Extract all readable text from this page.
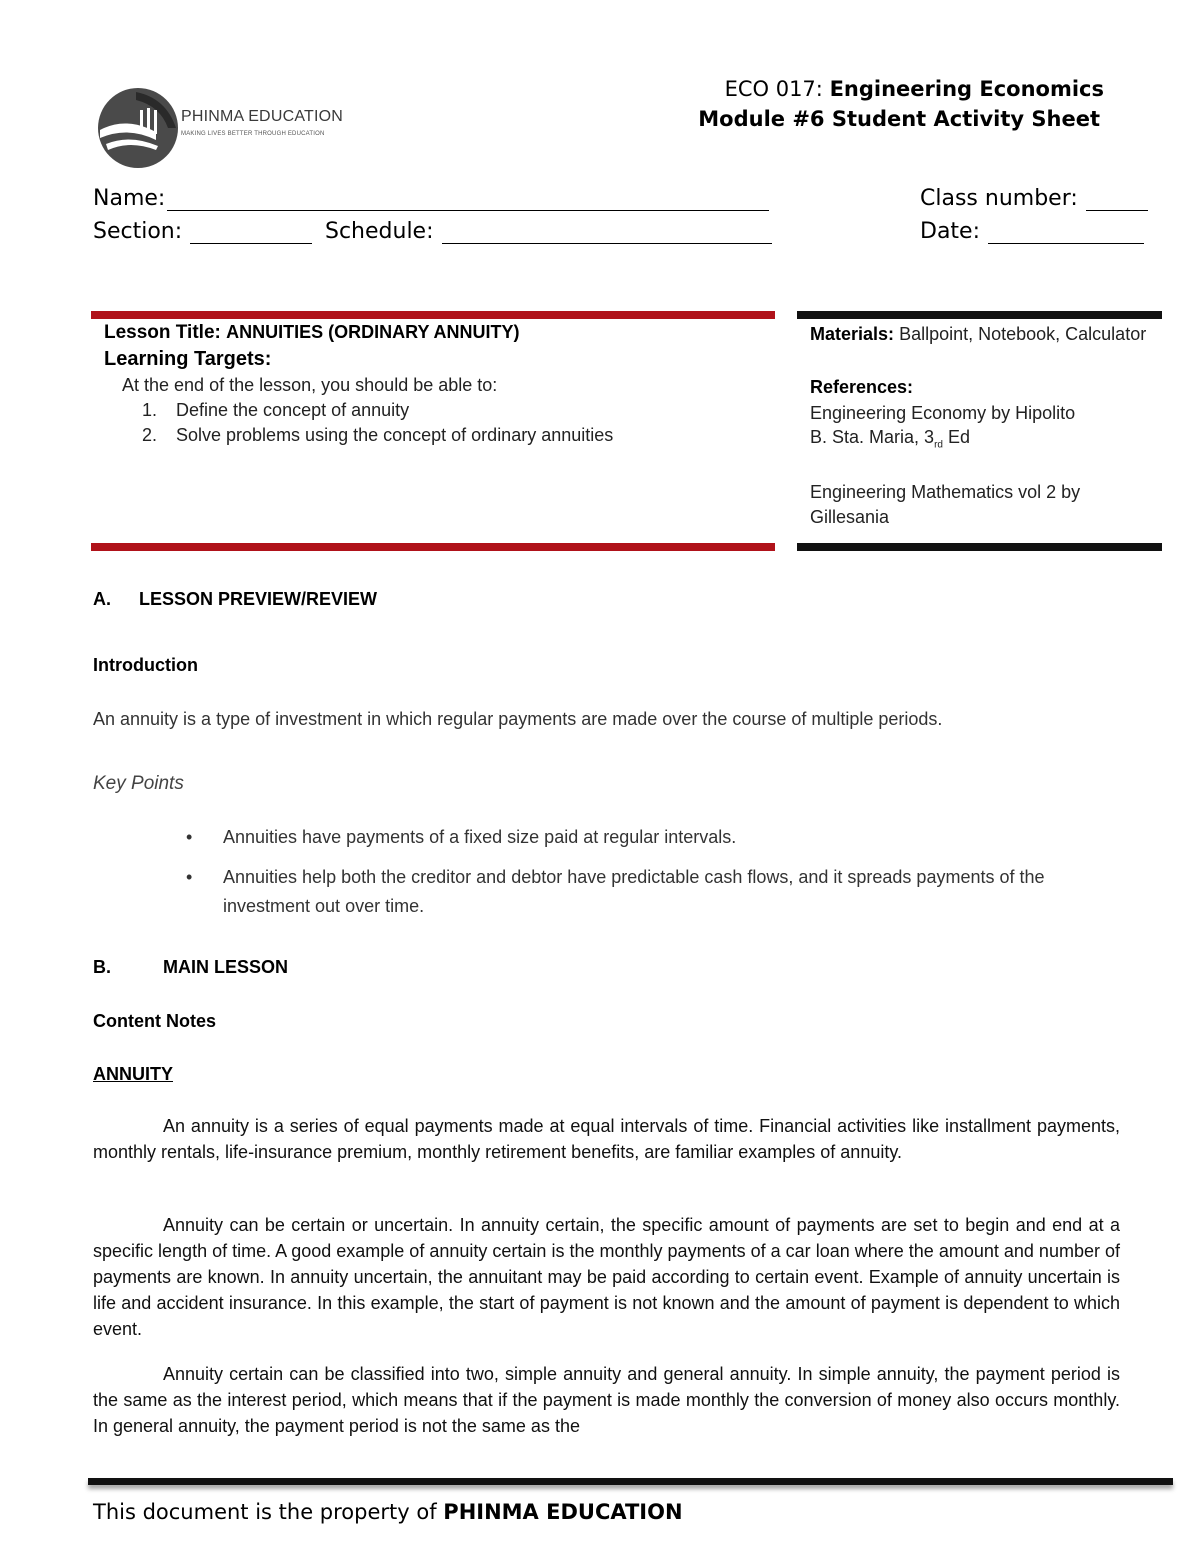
PHINMA EDUCATION
MAKING LIVES BETTER THROUGH EDUCATION
ECO 017: Engineering Economics
Module #6 Student Activity Sheet
Name:	Class number:
Section:	Schedule:	Date:
Lesson Title: ANNUITIES (ORDINARY ANNUITY)
Learning Targets:
At the end of the lesson, you should be able to:
1. Define the concept of annuity
2. Solve problems using the concept of ordinary annuities
Materials: Ballpoint, Notebook, Calculator
References:
Engineering Economy by Hipolito
B. Sta. Maria, $3_{rd}$ Ed
Engineering Mathematics vol 2 by Gillesania
A. LESSON PREVIEW/REVIEW
Introduction
An annuity is a type of investment in which regular payments are made over the course of multiple periods.
Key Points
• Annuities have payments of a fixed size paid at regular intervals.
• Annuities help both the creditor and debtor have predictable cash flows, and it spreads payments of the investment out over time.
B.	MAIN LESSON
Content Notes
ANNUITY
An annuity is a series of equal payments made at equal intervals of time. Financial activities like installment payments, monthly rentals, life-insurance premium, monthly retirement benefits, are familiar examples of annuity.
Annuity can be certain or uncertain. In annuity certain, the specific amount of payments are set to begin and end at a specific length of time. A good example of annuity certain is the monthly payments of a car loan where the amount and number of payments are known. In annuity uncertain, the annuitant may be paid according to certain event. Example of annuity uncertain is life and accident insurance. In this example, the start of payment is not known and the amount of payment is dependent to which event.
Annuity certain can be classified into two, simple annuity and general annuity. In simple annuity, the payment period is the same as the interest period, which means that if the payment is made monthly the conversion of money also occurs monthly. In general annuity, the payment period is not the same as the
This document is the property of PHINMA EDUCATION
